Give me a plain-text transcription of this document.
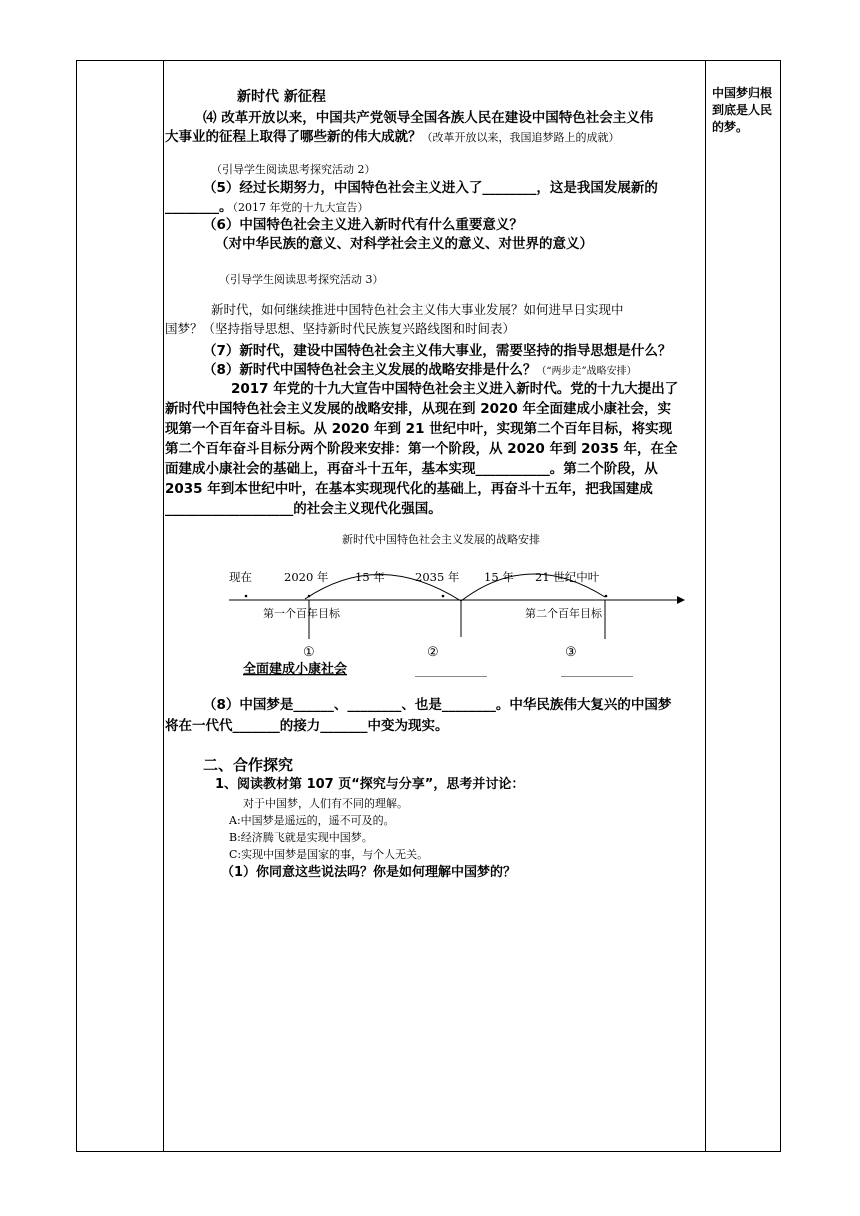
中国梦归根到底是人民的梦。
新时代 新征程
⑷ 改革开放以来，中国共产党领导全国各族人民在建设中国特色社会主义伟
大事业的征程上取得了哪些新的伟大成就？（改革开放以来，我国追梦路上的成就）
（引导学生阅读思考探究活动 2）
（5）经过长期努力，中国特色社会主义进入了________，这是我国发展新的
________。（2017 年党的十九大宣告）
（6）中国特色社会主义进入新时代有什么重要意义？
（对中华民族的意义、对科学社会主义的意义、对世界的意义）
（引导学生阅读思考探究活动 3）
新时代，如何继续推进中国特色社会主义伟大事业发展？如何进早日实现中
国梦？（坚持指导思想、坚持新时代民族复兴路线图和时间表）
（7）新时代，建设中国特色社会主义伟大事业，需要坚持的指导思想是什么？
（8）新时代中国特色社会主义发展的战略安排是什么？（“两步走”战略安排）
2017 年党的十九大宣告中国特色社会主义进入新时代。党的十九大提出了
新时代中国特色社会主义发展的战略安排，从现在到 2020 年全面建成小康社会，实
现第一个百年奋斗目标。从 2020 年到 21 世纪中叶，实现第二个百年目标，将实现
第二个百年奋斗目标分两个阶段来安排：第一个阶段，从 2020 年到 2035 年，在全
面建成小康社会的基础上，再奋斗十五年，基本实现___________。第二个阶段，从
2035 年到本世纪中叶，在基本实现现代化的基础上，再奋斗十五年，把我国建成
___________________的社会主义现代化强国。
新时代中国特色社会主义发展的战略安排
现在	2020 年 15 年	2035 年 15 年 21 世纪中叶
第一个百年目标	第二个百年目标
①	②	③
全面建成小康社会	____________	____________
（8）中国梦是______、________、也是________。中华民族伟大复兴的中国梦
将在一代代_______的接力_______中变为现实。
二、合作探究
1、阅读教材第 107 页“探究与分享”，思考并讨论：
对于中国梦，人们有不同的理解。
A:中国梦是遥远的，遥不可及的。
B:经济腾飞就是实现中国梦。
C:实现中国梦是国家的事，与个人无关。
（1）你同意这些说法吗？你是如何理解中国梦的？
